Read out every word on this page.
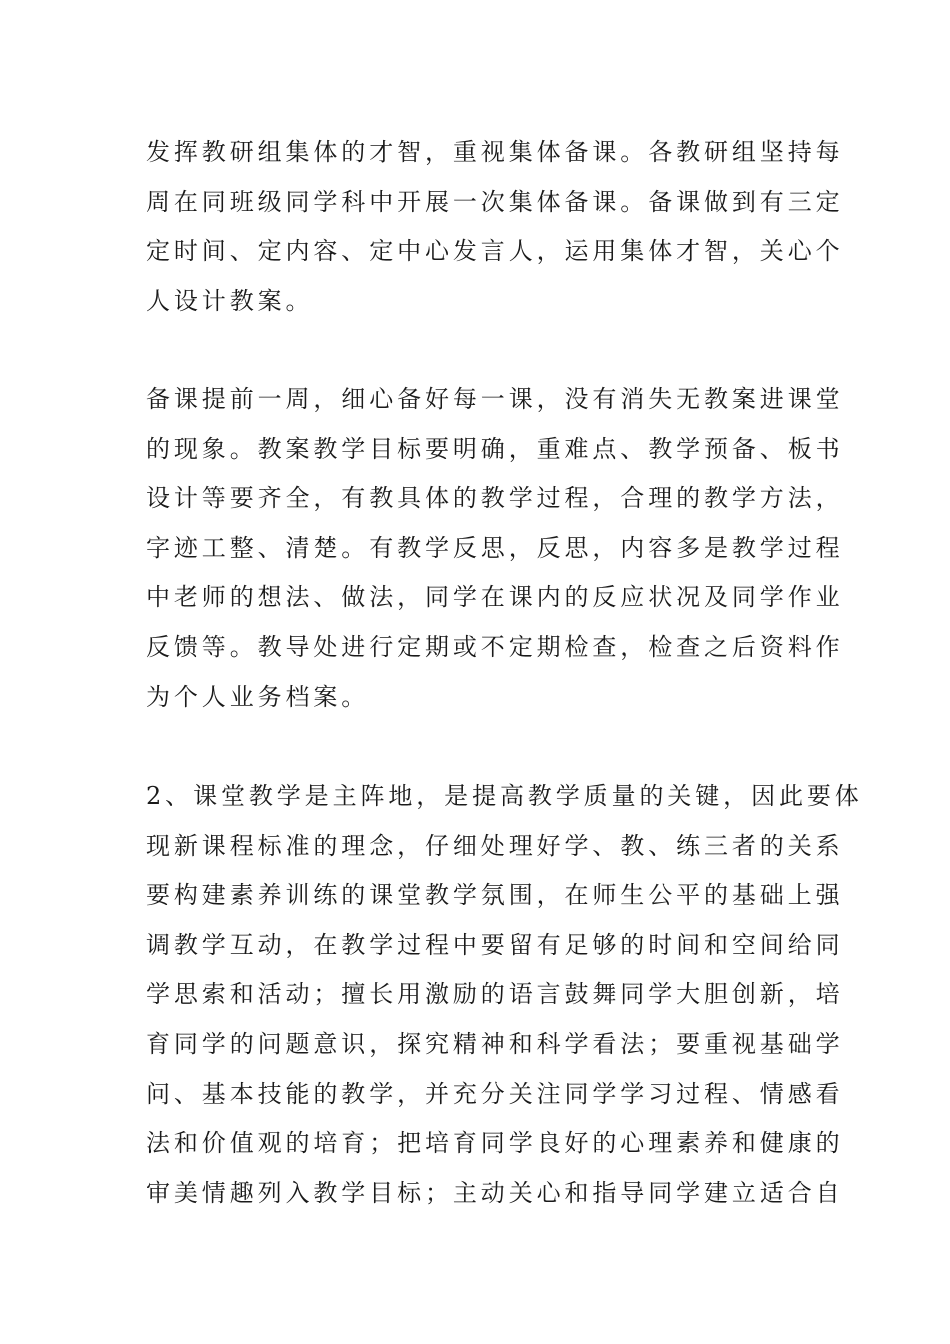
发挥教研组集体的才智，重视集体备课。各教研组坚持每
周在同班级同学科中开展一次集体备课。备课做到有三定
定时间、定内容、定中心发言人，运用集体才智，关心个
人设计教案。

备课提前一周，细心备好每一课，没有消失无教案进课堂
的现象。教案教学目标要明确，重难点、教学预备、板书
设计等要齐全，有教具体的教学过程，合理的教学方法，
字迹工整、清楚。有教学反思，反思，内容多是教学过程
中老师的想法、做法，同学在课内的反应状况及同学作业
反馈等。教导处进行定期或不定期检查，检查之后资料作
为个人业务档案。

2、课堂教学是主阵地，是提高教学质量的关键，因此要体
现新课程标准的理念，仔细处理好学、教、练三者的关系
要构建素养训练的课堂教学氛围，在师生公平的基础上强
调教学互动，在教学过程中要留有足够的时间和空间给同
学思索和活动；擅长用激励的语言鼓舞同学大胆创新，培
育同学的问题意识，探究精神和科学看法；要重视基础学
问、基本技能的教学，并充分关注同学学习过程、情感看
法和价值观的培育；把培育同学良好的心理素养和健康的
审美情趣列入教学目标；主动关心和指导同学建立适合自
